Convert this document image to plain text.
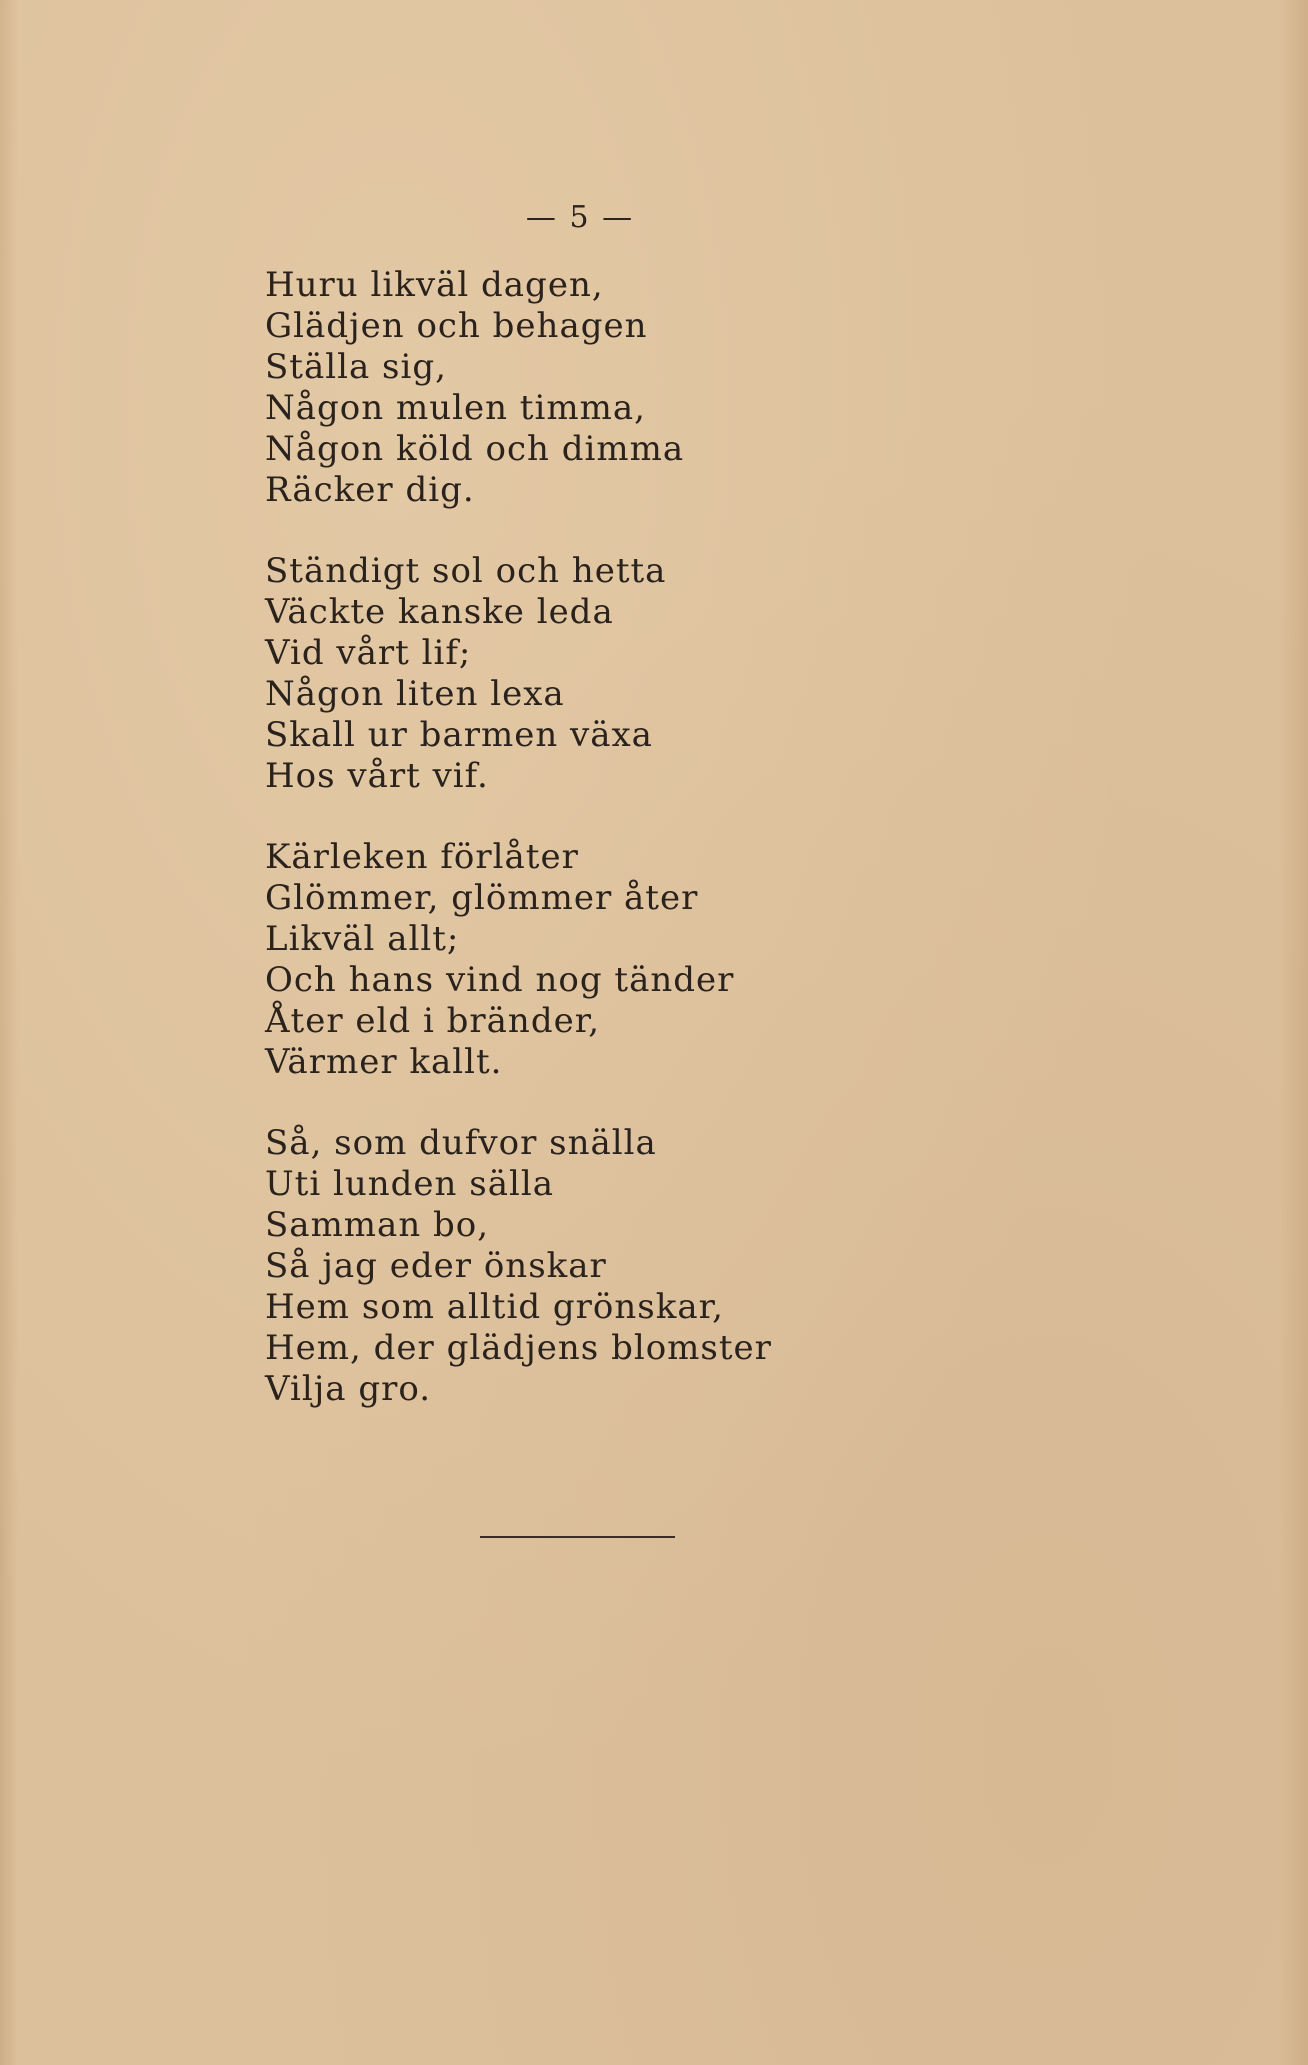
— 5 —
Huru likväl dagen,
Glädjen och behagen
Ställa sig,
Någon mulen timma,
Någon köld och dimma
Räcker dig.
Ständigt sol och hetta
Väckte kanske leda
Vid vårt lif;
Någon liten lexa
Skall ur barmen växa
Hos vårt vif.
Kärleken förlåter
Glömmer, glömmer åter
Likväl allt;
Och hans vind nog tänder
Åter eld i bränder,
Värmer kallt.
Så, som dufvor snälla
Uti lunden sälla
Samman bo,
Så jag eder önskar
Hem som alltid grönskar,
Hem, der glädjens blomster
Vilja gro.
